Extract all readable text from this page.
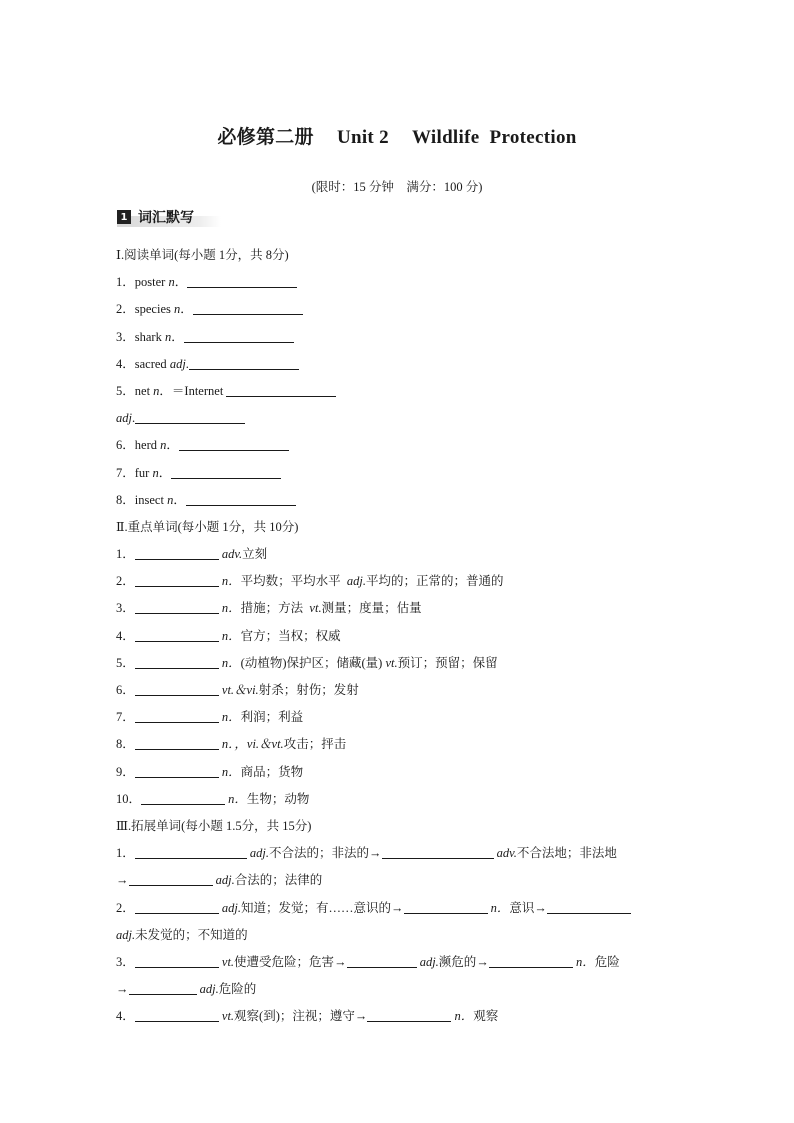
必修第二册 Unit 2 Wildlife  Protection
(限时：15 分钟　满分：100 分)
1 词汇默写
Ⅰ.阅读单词(每小题 1分，共 8分)
1．poster n．
2．species n．
3．shark n．
4．sacred adj.
5．net n．＝Internet
adj.
6．herd n．
7．fur n．
8．insect n．
Ⅱ.重点单词(每小题 1分，共 10分)
1．	adv.立刻
2．	n．平均数；平均水平 adj.平均的；正常的；普通的
3．	n．措施；方法 vt.测量；度量；估量
4．	n．官方；当权；权威
5．	n．(动植物)保护区；储藏(量) vt.预订；预留；保留
6．	vt.＆vi.射杀；射伤；发射
7．	n．利润；利益
8．	n．，vi.＆vt.攻击；抨击
9．	n．商品；货物
10．	n．生物；动物
Ⅲ.拓展单词(每小题 1.5分，共 15分)
1．	adj.不合法的；非法的→	adv.不合法地；非法地
→	adj.合法的；法律的
2．	adj.知道；发觉；有……意识的→	n．意识→
adj.未发觉的；不知道的
3．	vt.使遭受危险；危害→	adj.濒危的→	n．危险
→	adj.危险的
4．	vt.观察(到)；注视；遵守→	n．观察
